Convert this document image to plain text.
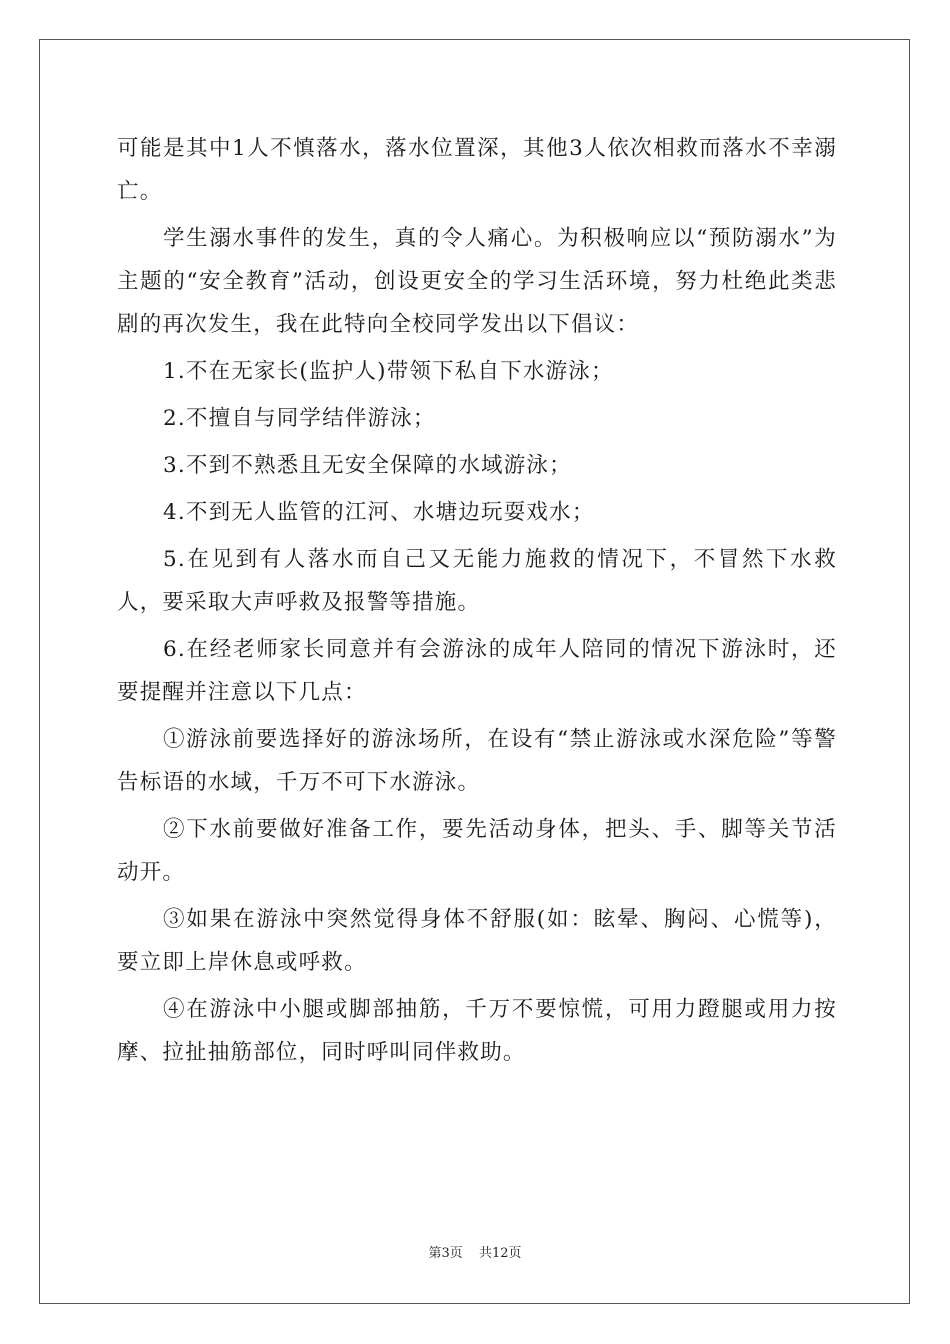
可能是其中1人不慎落水，落水位置深，其他3人依次相救而落水不幸溺亡。

学生溺水事件的发生，真的令人痛心。为积极响应以“预防溺水”为主题的“安全教育”活动，创设更安全的学习生活环境，努力杜绝此类悲剧的再次发生，我在此特向全校同学发出以下倡议：

1.不在无家长(监护人)带领下私自下水游泳；

2.不擅自与同学结伴游泳；

3.不到不熟悉且无安全保障的水域游泳；

4.不到无人监管的江河、水塘边玩耍戏水；

5.在见到有人落水而自己又无能力施救的情况下，不冒然下水救人，要采取大声呼救及报警等措施。

6.在经老师家长同意并有会游泳的成年人陪同的情况下游泳时，还要提醒并注意以下几点：

①游泳前要选择好的游泳场所，在设有“禁止游泳或水深危险”等警告标语的水域，千万不可下水游泳。

②下水前要做好准备工作，要先活动身体，把头、手、脚等关节活动开。

③如果在游泳中突然觉得身体不舒服(如：眩晕、胸闷、心慌等)，要立即上岸休息或呼救。

④在游泳中小腿或脚部抽筋，千万不要惊慌，可用力蹬腿或用力按摩、拉扯抽筋部位，同时呼叫同伴救助。

第3页 共12页
